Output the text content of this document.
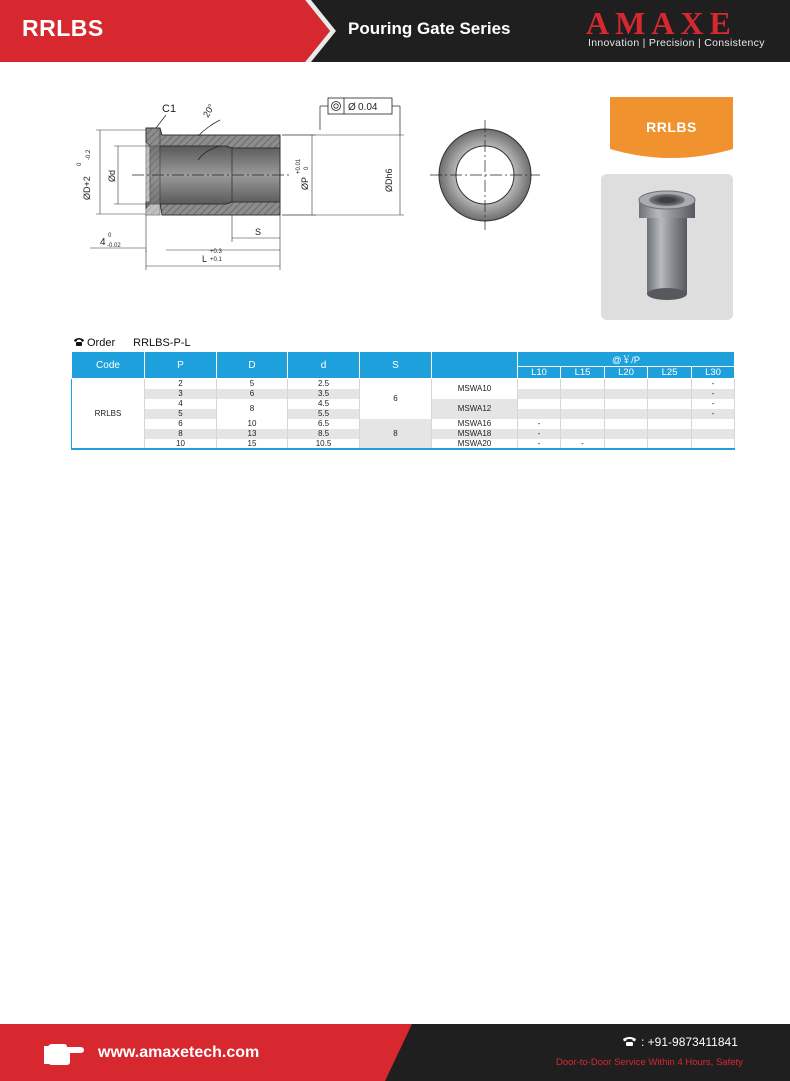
RRLBS	Pouring Gate Series AMAXE
Innovation | Precision | Consistency
C1	20°
ØD+2
0
-0.2
Ød
Ø 0.04
ØP
+0.01 0
ØDh6
4
0
-0.02
S
L
+0.3
+0.1
RRLBS
Order RRLBS-P-L
Code	P	D	d	S		@￥/P				
						L10	L15	L20	L25	L30
RRLBS	2	5	2.5	6	MSWA10					-
	3	6	3.5							-
	4	8	4.5		MSWA12					-
	5		5.5							-
	6	10	6.5	8	MSWA16	-				
	8	13	8.5		MSWA18	-				
	10	15	10.5		MSWA20	-	-			
www.amaxetech.com
: +91-9873411841
Door-to-Door Service Within 4 Hours, Safety
